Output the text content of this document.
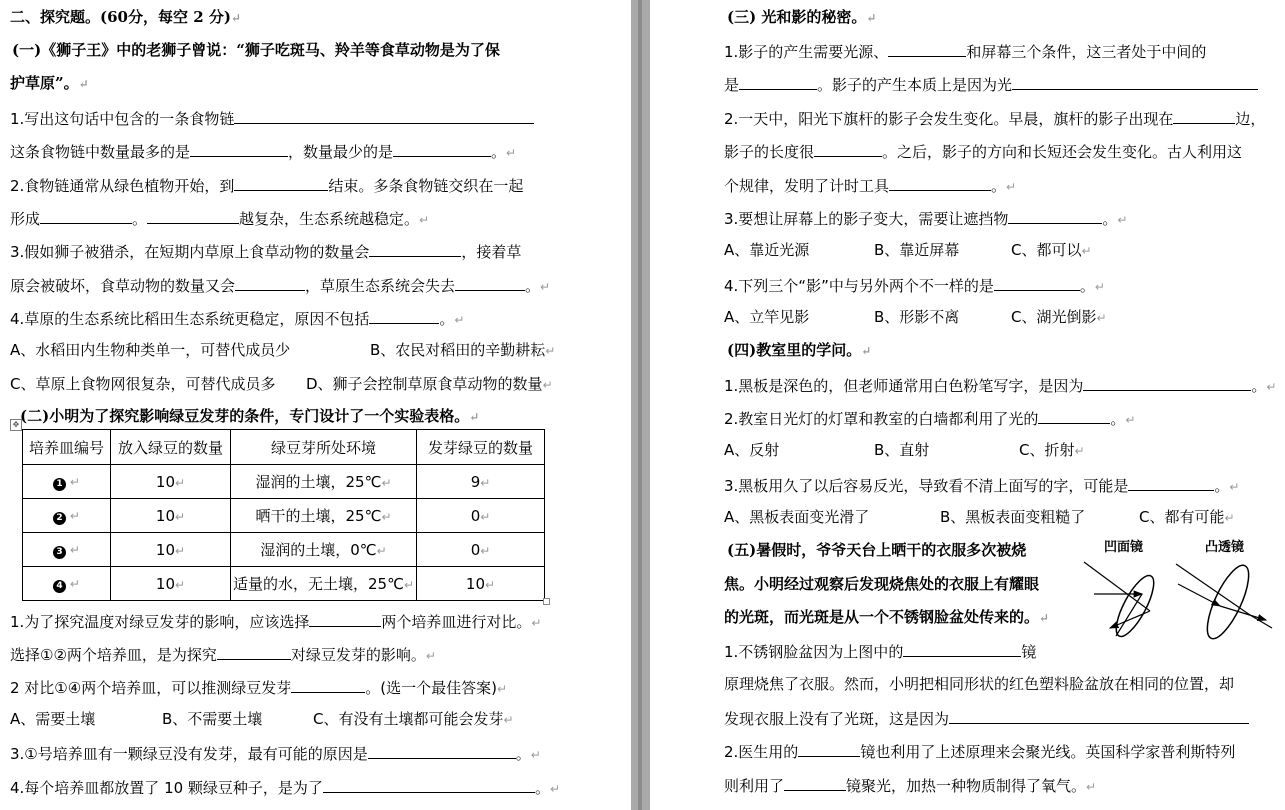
二、探究题。(60分，每空 2 分)↵
(一)《狮子王》中的老狮子曾说：“狮子吃斑马、羚羊等食草动物是为了保
护草原”。↵
1.写出这句话中包含的一条食物链
这条食物链中数量最多的是	，数量最少的是	。↵
2.食物链通常从绿色植物开始，到	结束。多条食物链交织在一起
形成	。	越复杂，生态系统越稳定。↵
3.假如狮子被猎杀，在短期内草原上食草动物的数量会	，接着草
原会被破坏，食草动物的数量又会	，草原生态系统会失去	。↵
4.草原的生态系统比稻田生态系统更稳定，原因不包括	。↵
A、水稻田内生物种类单一，可替代成员少	B、农民对稻田的辛勤耕耘↵
C、草原上食物网很复杂，可替代成员多 D、狮子会控制草原食草动物的数量↵
(二)小明为了探究影响绿豆发芽的条件，专门设计了一个实验表格。↵
✥
培养皿编号	放入绿豆的数量	绿豆芽所处环境	发芽绿豆的数量
1 ↵	10↵	湿润的土壤，25℃↵	9↵
2 ↵	10↵	晒干的土壤，25℃↵	0↵
3 ↵	10↵	湿润的土壤，0℃↵	0↵
4 ↵	10↵	适量的水，无土壤，25℃↵	10↵
1.为了探究温度对绿豆发芽的影响，应该选择	两个培养皿进行对比。↵
选择①②两个培养皿，是为探究	对绿豆发芽的影响。↵
2 对比①④两个培养皿，可以推测绿豆发芽	。(选一个最佳答案)↵
A、需要土壤	B、不需要土壤	C、有没有土壤都可能会发芽↵
3.①号培养皿有一颗绿豆没有发芽，最有可能的原因是	。↵
4.每个培养皿都放置了 10 颗绿豆种子，是为了	。↵
(三) 光和影的秘密。↵
1.影子的产生需要光源、	和屏幕三个条件，这三者处于中间的
是	。影子的产生本质上是因为光
2.一天中，阳光下旗杆的影子会发生变化。早晨，旗杆的影子出现在	边，
影子的长度很	。之后，影子的方向和长短还会发生变化。古人利用这
个规律，发明了计时工具	。↵
3.要想让屏幕上的影子变大，需要让遮挡物	。↵
A、靠近光源	B、靠近屏幕	C、都可以↵
4.下列三个“影”中与另外两个不一样的是	。↵
A、立竿见影	B、形影不离	C、湖光倒影↵
(四)教室里的学问。↵
1.黑板是深色的，但老师通常用白色粉笔写字，是因为	。↵
2.教室日光灯的灯罩和教室的白墙都利用了光的	。↵
A、反射	B、直射	C、折射↵
3.黑板用久了以后容易反光，导致看不清上面写的字，可能是	。↵
A、黑板表面变光滑了	B、黑板表面变粗糙了	C、都有可能↵
(五)暑假时，爷爷天台上晒干的衣服多次被烧
焦。小明经过观察后发现烧焦处的衣服上有耀眼
的光斑，而光斑是从一个不锈钢脸盆处传来的。↵
1.不锈钢脸盆因为上图中的	镜
原理烧焦了衣服。然而，小明把相同形状的红色塑料脸盆放在相同的位置，却
发现衣服上没有了光斑，这是因为
2.医生用的	镜也利用了上述原理来会聚光线。英国科学家普利斯特列
则利用了	镜聚光，加热一种物质制得了氧气。↵
凹面镜	凸透镜
